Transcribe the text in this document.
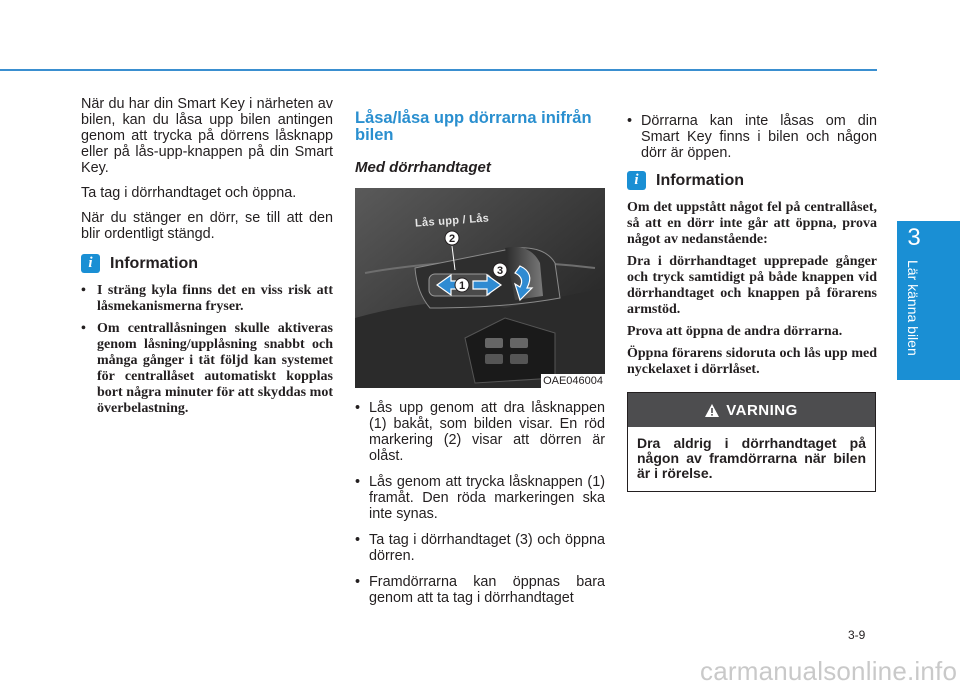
3
Lär känna bilen

När du har din Smart Key i närheten av bilen, kan du låsa upp bilen antingen genom att trycka på dörrens låsknapp eller på lås-upp-knappen på din Smart Key.

Ta tag i dörrhandtaget och öppna.

När du stänger en dörr, se till att den blir ordentligt stängd.

i	Information
• I sträng kyla finns det en viss risk att låsmekanismerna fryser.
• Om centrallåsningen skulle aktiveras genom låsning/upplåsning snabbt och många gånger i tät följd kan systemet för centrallåset automatiskt kopplas bort några minuter för att skyddas mot överbelastning.
Låsa/låsa upp dörrarna inifrån bilen
Med dörrhandtaget
2
1
3
Lås upp / Lås
OAE046004
• Lås upp genom att dra låsknappen (1) bakåt, som bilden visar. En röd markering (2) visar att dörren är olåst.
• Lås genom att trycka låsknappen (1) framåt. Den röda markeringen ska inte synas.
• Ta tag i dörrhandtaget (3) och öppna dörren.
• Framdörrarna kan öppnas bara genom att ta tag i dörrhandtaget
• Dörrarna kan inte låsas om din Smart Key finns i bilen och någon dörr är öppen.
i	Information

Om det uppstått något fel på centrallåset, så att en dörr inte går att öppna, prova något av nedanstående:

Dra i dörrhandtaget upprepade gånger och tryck samtidigt på både knappen vid dörrhandtaget och knappen på förarens armstöd.

Prova att öppna de andra dörrarna.

Öppna förarens sidoruta och lås upp med nyckelaxet i dörrlåset.

VARNING
Dra aldrig i dörrhandtaget på någon av framdörrarna när bilen är i rörelse.
3-9
carmanualsonline.info
